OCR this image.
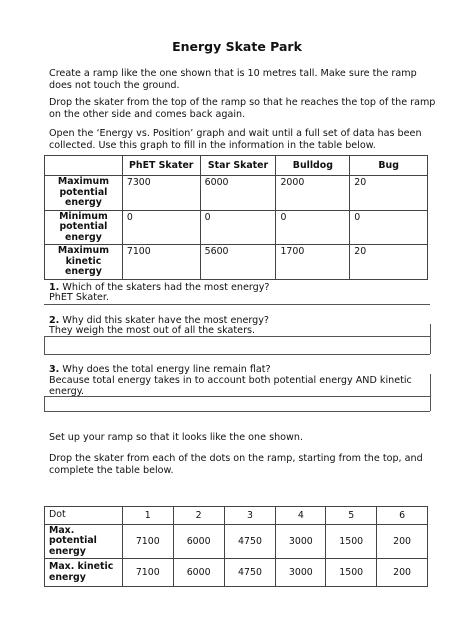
Energy Skate Park
Create a ramp like the one shown that is 10 metres tall. Make sure the ramp does not touch the ground.
Drop the skater from the top of the ramp so that he reaches the top of the ramp on the other side and comes back again.
Open the ‘Energy vs. Position’ graph and wait until a full set of data has been collected. Use this graph to fill in the information in the table below.
	PhET Skater	Star Skater	Bulldog	Bug
Maximum potential energy	7300	6000	2000	20
Minimum potential energy	0	0	0	0
Maximum kinetic energy	7100	5600	1700	20
1. Which of the skaters had the most energy?
PhET Skater.
2. Why did this skater have the most energy?
They weigh the most out of all the skaters.
3. Why does the total energy line remain flat?
Because total energy takes in to account both potential energy AND kinetic energy.
Set up your ramp so that it looks like the one shown.
Drop the skater from each of the dots on the ramp, starting from the top, and complete the table below.
Dot	1	2	3	4	5	6
Max. potential energy	7100	6000	4750	3000	1500	200
Max. kinetic energy	7100	6000	4750	3000	1500	200
